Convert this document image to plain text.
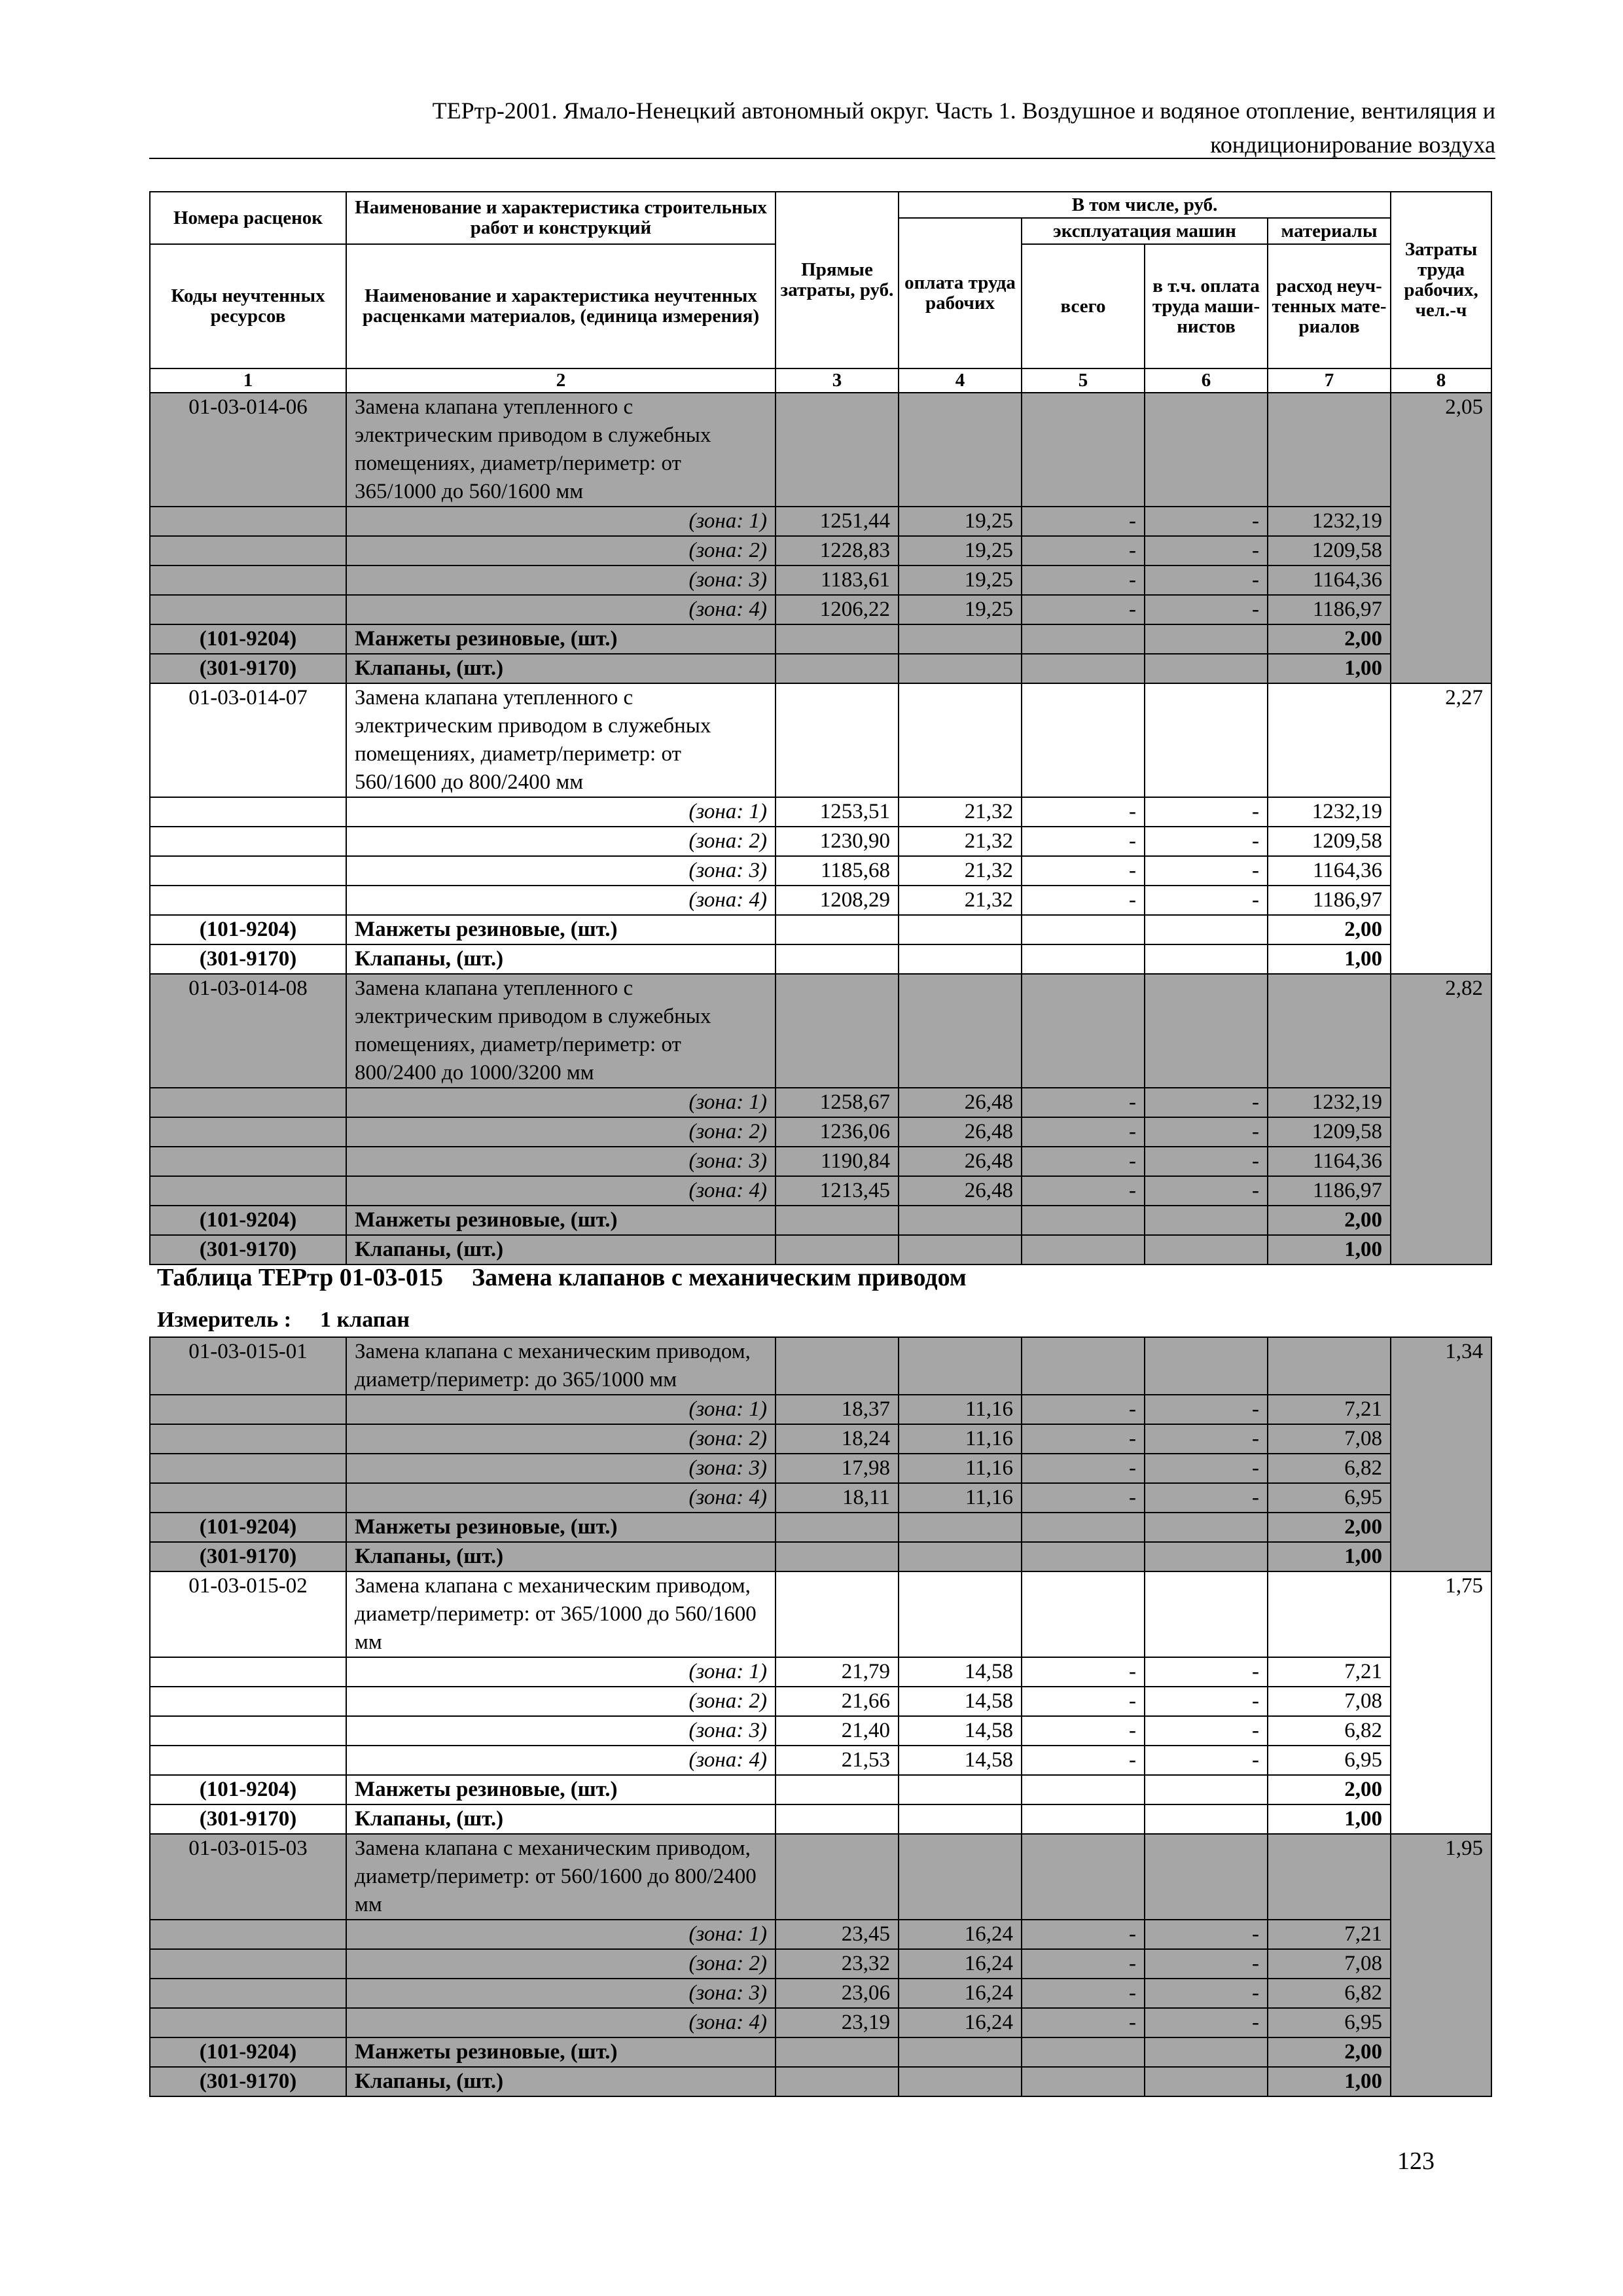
ТЕРтр-2001. Ямало-Ненецкий автономный округ. Часть 1. Воздушное и водяное отопление, вентиляция и
кондиционирование воздуха
Номера расценок	Наименование и характеристика строительных работ и конструкций	Прямые затраты, руб.	В том числе, руб.				Затраты труда рабочих, чел.-ч
			оплата труда рабочих	эксплуатация машин		материалы	
Коды неучтенных ресурсов	Наименование и характеристика неучтенных расценками материалов, (единица измерения)			всего	в т.ч. оплата труда маши-нистов	расход неуч-тенных мате-риалов	
1	2	3	4	5	6	7	8
01-03-014-06	Замена клапана утепленного с электрическим приводом в служебных помещениях, диаметр/периметр: от 365/1000 до 560/1600 мм						2,05
	(зона: 1)	1251,44	19,25	-	-	1232,19	
	(зона: 2)	1228,83	19,25	-	-	1209,58	
	(зона: 3)	1183,61	19,25	-	-	1164,36	
	(зона: 4)	1206,22	19,25	-	-	1186,97	
(101-9204)	Манжеты резиновые, (шт.)					2,00	
(301-9170)	Клапаны, (шт.)					1,00	
01-03-014-07	Замена клапана утепленного с электрическим приводом в служебных помещениях, диаметр/периметр: от 560/1600 до 800/2400 мм						2,27
	(зона: 1)	1253,51	21,32	-	-	1232,19	
	(зона: 2)	1230,90	21,32	-	-	1209,58	
	(зона: 3)	1185,68	21,32	-	-	1164,36	
	(зона: 4)	1208,29	21,32	-	-	1186,97	
(101-9204)	Манжеты резиновые, (шт.)					2,00	
(301-9170)	Клапаны, (шт.)					1,00	
01-03-014-08	Замена клапана утепленного с электрическим приводом в служебных помещениях, диаметр/периметр: от 800/2400 до 1000/3200 мм						2,82
	(зона: 1)	1258,67	26,48	-	-	1232,19	
	(зона: 2)	1236,06	26,48	-	-	1209,58	
	(зона: 3)	1190,84	26,48	-	-	1164,36	
	(зона: 4)	1213,45	26,48	-	-	1186,97	
(101-9204)	Манжеты резиновые, (шт.)					2,00	
(301-9170)	Клапаны, (шт.)					1,00	
Таблица ТЕРтр 01-03-015 Замена клапанов с механическим приводом
Измеритель : 1 клапан
01-03-015-01	Замена клапана с механическим приводом, диаметр/периметр: до 365/1000 мм						1,34
	(зона: 1)	18,37	11,16	-	-	7,21	
	(зона: 2)	18,24	11,16	-	-	7,08	
	(зона: 3)	17,98	11,16	-	-	6,82	
	(зона: 4)	18,11	11,16	-	-	6,95	
(101-9204)	Манжеты резиновые, (шт.)					2,00	
(301-9170)	Клапаны, (шт.)					1,00	
01-03-015-02	Замена клапана с механическим приводом, диаметр/периметр: от 365/1000 до 560/1600 мм						1,75
	(зона: 1)	21,79	14,58	-	-	7,21	
	(зона: 2)	21,66	14,58	-	-	7,08	
	(зона: 3)	21,40	14,58	-	-	6,82	
	(зона: 4)	21,53	14,58	-	-	6,95	
(101-9204)	Манжеты резиновые, (шт.)					2,00	
(301-9170)	Клапаны, (шт.)					1,00	
01-03-015-03	Замена клапана с механическим приводом, диаметр/периметр: от 560/1600 до 800/2400 мм						1,95
	(зона: 1)	23,45	16,24	-	-	7,21	
	(зона: 2)	23,32	16,24	-	-	7,08	
	(зона: 3)	23,06	16,24	-	-	6,82	
	(зона: 4)	23,19	16,24	-	-	6,95	
(101-9204)	Манжеты резиновые, (шт.)					2,00	
(301-9170)	Клапаны, (шт.)					1,00	
123
